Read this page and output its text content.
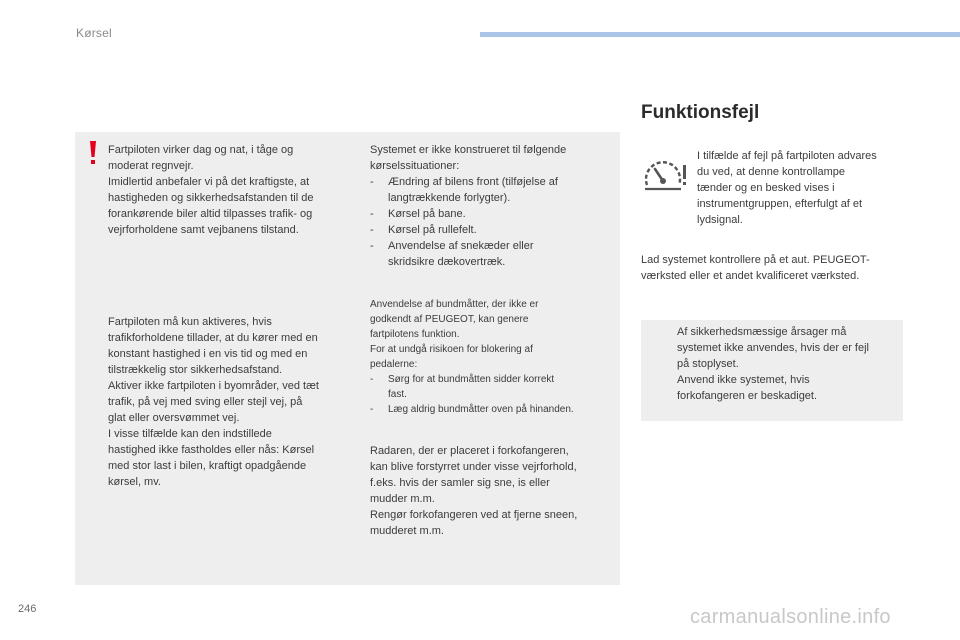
Kørsel

Fartpiloten virker dag og nat, i tåge og

moderat regnvejr.

Imidlertid anbefaler vi på det kraftigste, at

hastigheden og sikkerhedsafstanden til de

forankørende biler altid tilpasses trafik- og

vejrforholdene samt vejbanens tilstand.

Fartpiloten må kun aktiveres, hvis

trafikforholdene tillader, at du kører med en

konstant hastighed i en vis tid og med en

tilstrækkelig stor sikkerhedsafstand.

Aktiver ikke fartpiloten i byområder, ved tæt

trafik, på vej med sving eller stejl vej, på

glat eller oversvømmet vej.

I visse tilfælde kan den indstillede

hastighed ikke fastholdes eller nås: Kørsel

med stor last i bilen, kraftigt opadgående

kørsel, mv.

Systemet er ikke konstrueret til følgende

kørselssituationer:

- Ændring af bilens front (tilføjelse af
langtrækkende forlygter).
- Kørsel på bane.
- Kørsel på rullefelt.
- Anvendelse af snekæder eller
skridsikre dækovertræk.

Anvendelse af bundmåtter, der ikke er

godkendt af PEUGEOT, kan genere

fartpilotens funktion.

For at undgå risikoen for blokering af

pedalerne:

- Sørg for at bundmåtten sidder korrekt
fast.
- Læg aldrig bundmåtter oven på hinanden.

Radaren, der er placeret i forkofangeren,

kan blive forstyrret under visse vejrforhold,

f.eks. hvis der samler sig sne, is eller

mudder m.m.

Rengør forkofangeren ved at fjerne sneen,

mudderet m.m.

Funktionsfejl

I tilfælde af fejl på fartpiloten advares

du ved, at denne kontrollampe

tænder og en besked vises i

instrumentgruppen, efterfulgt af et

lydsignal.

Lad systemet kontrollere på et aut. PEUGEOT-

værksted eller et andet kvalificeret værksted.

Af sikkerhedsmæssige årsager må

systemet ikke anvendes, hvis der er fejl

på stoplyset.

Anvend ikke systemet, hvis

forkofangeren er beskadiget.

246	carmanualsonline.info
